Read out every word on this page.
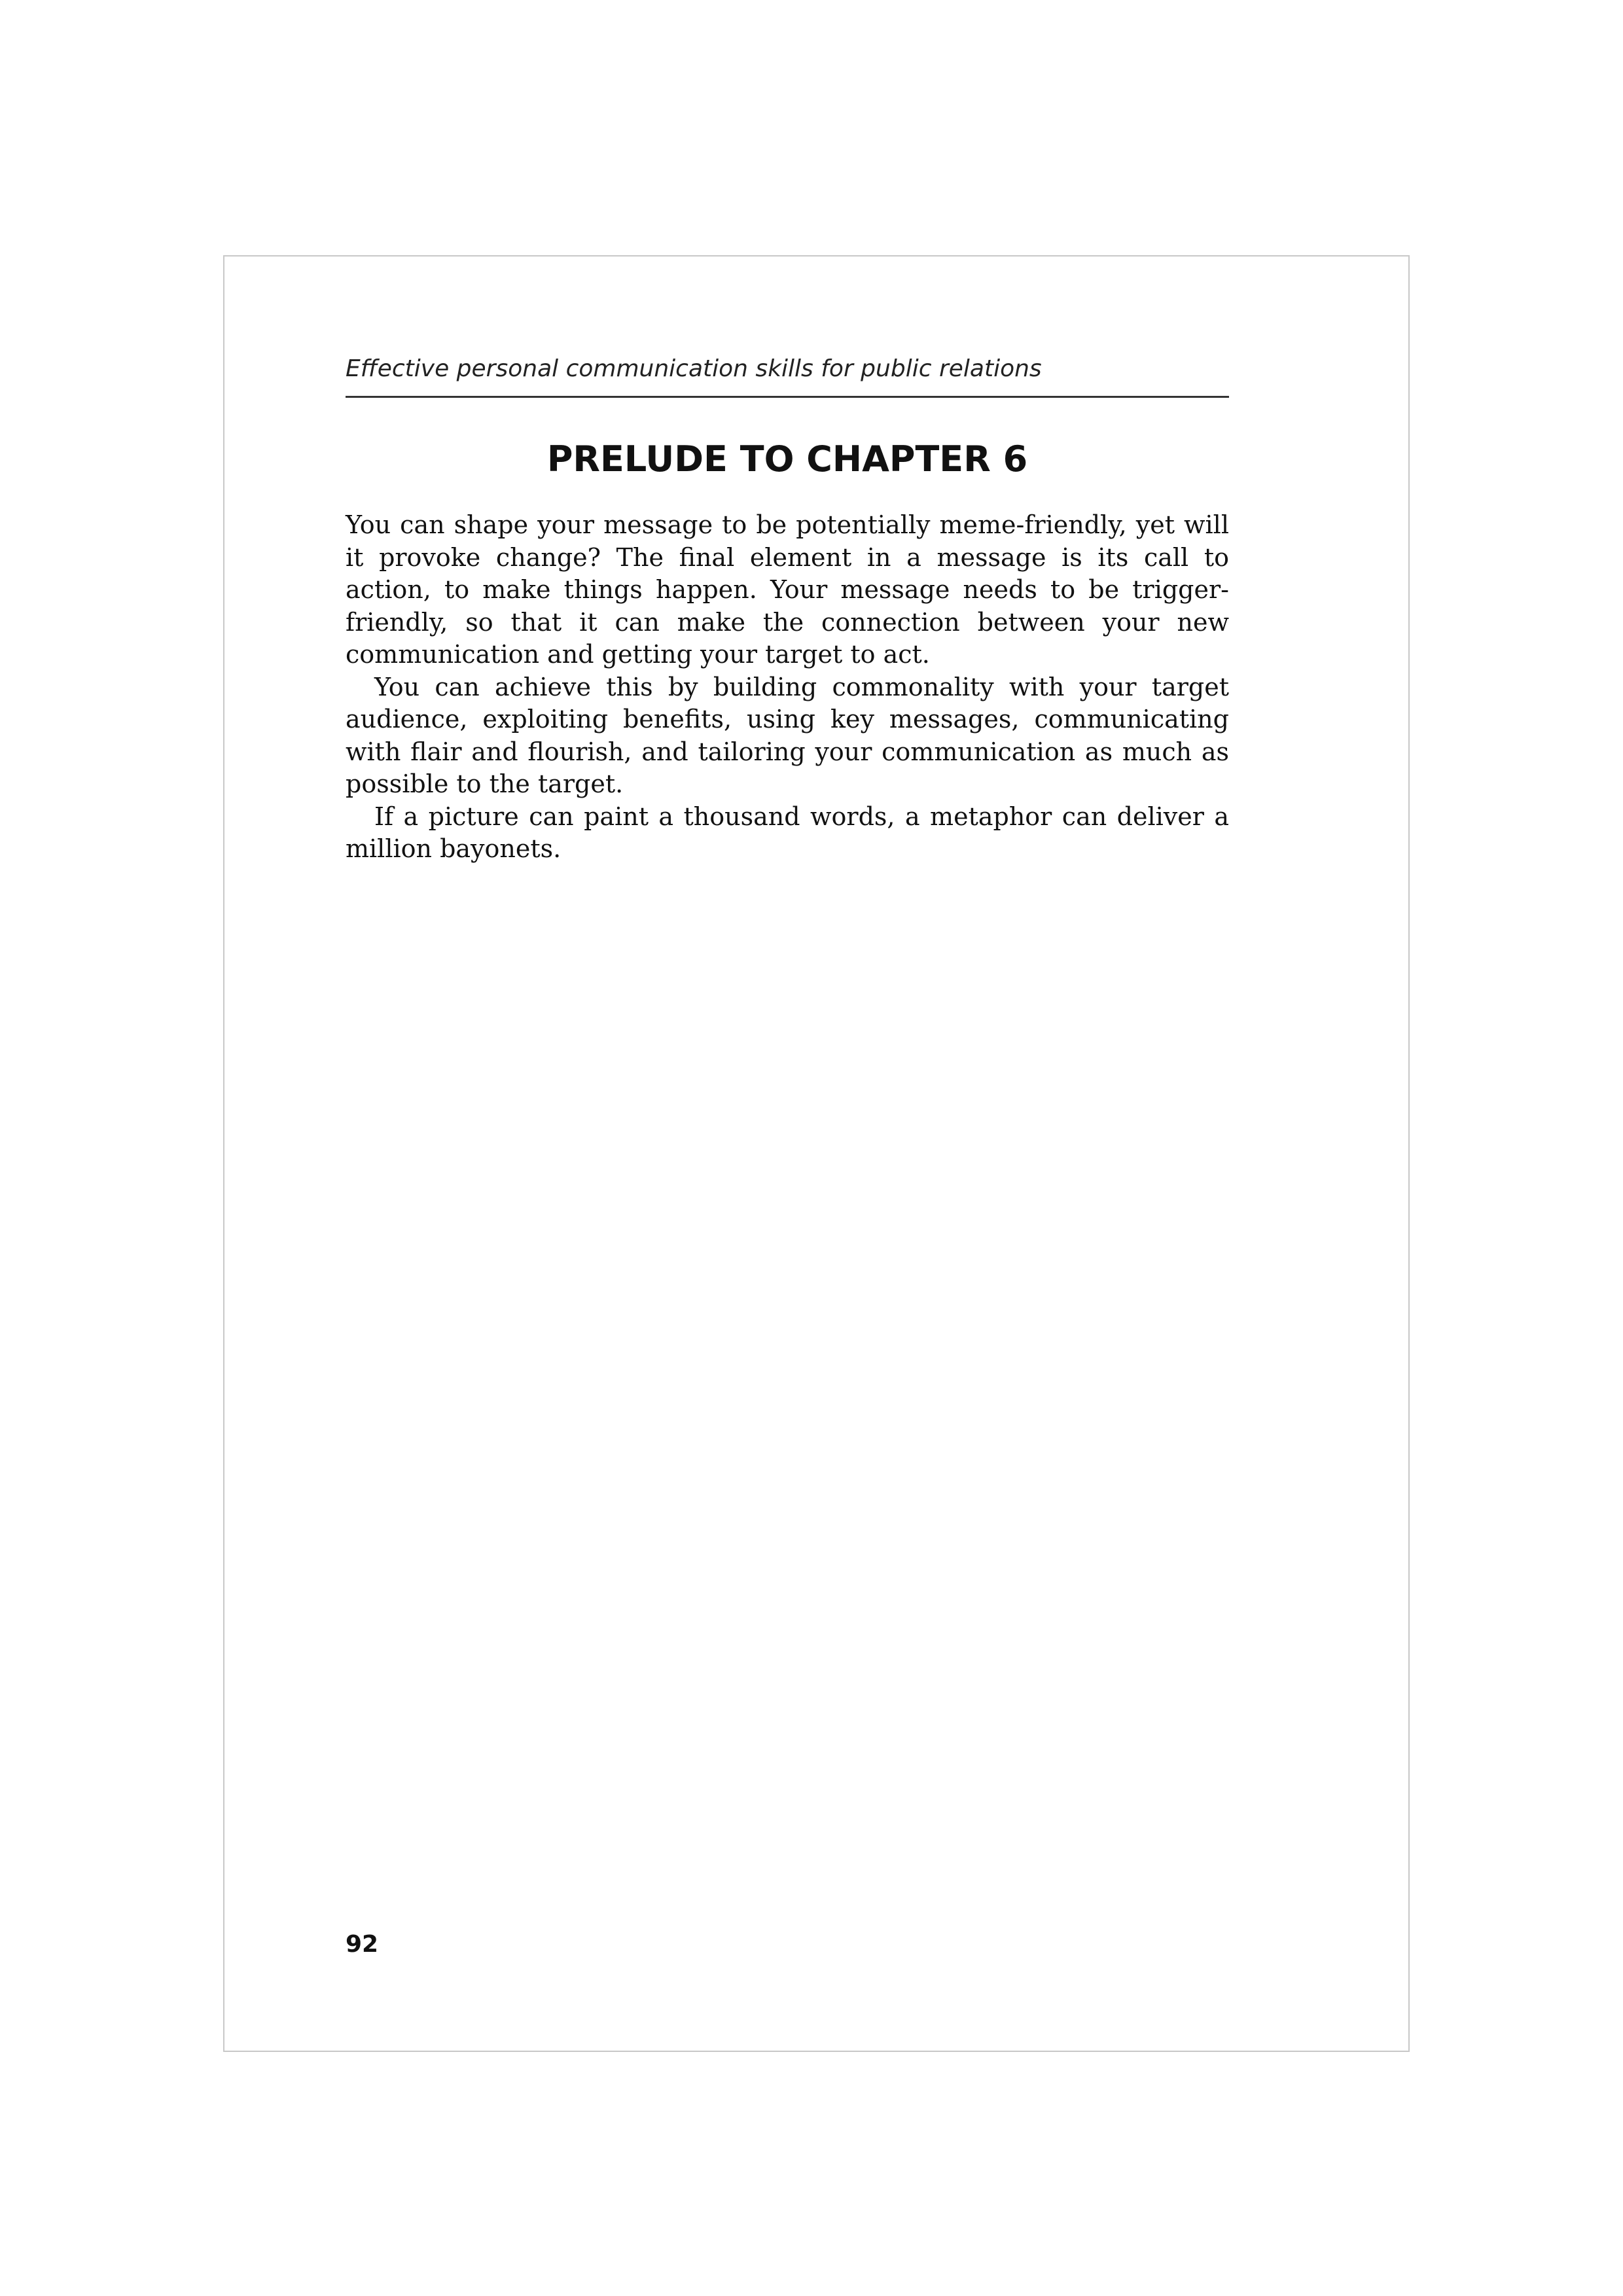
Effective personal communication skills for public relations
PRELUDE TO CHAPTER 6

You can shape your message to be potentially meme-friendly, yet will it provoke change? The final element in a message is its call to action, to make things happen. Your message needs to be trigger-friendly, so that it can make the connection between your new communication and getting your target to act.

You can achieve this by building commonality with your target audience, exploiting benefits, using key messages, communicating with flair and flourish, and tailoring your communication as much as possible to the target.

If a picture can paint a thousand words, a metaphor can deliver a million bayonets.

92
